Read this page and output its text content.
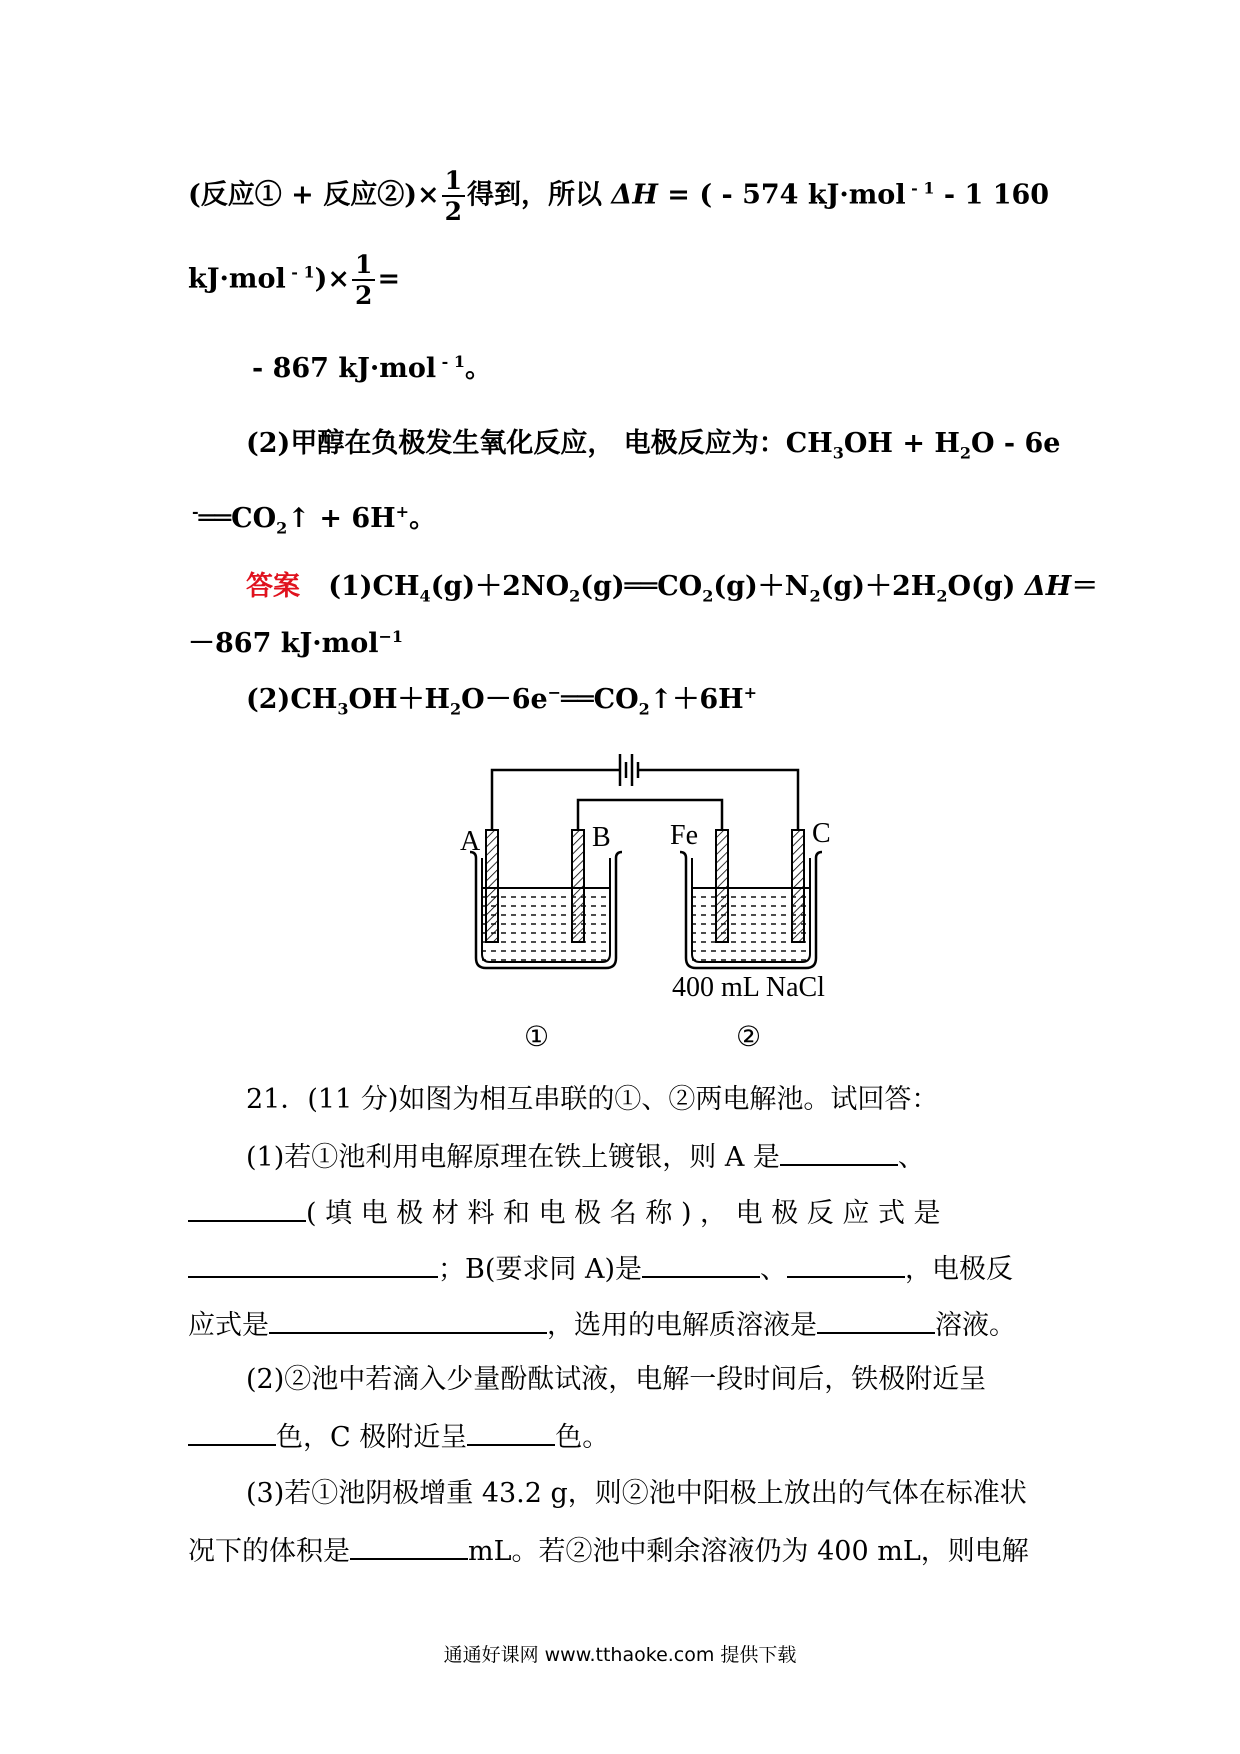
(反应① + 反应②)× $\frac{1}{2}$ 得到，所以 ΔH = ( - 574 kJ·mol $^{- 1}$ - 1 160
kJ·mol $^{- 1})\times \frac{1}{2}$ =
- 867 kJ·mol $^{- 1}$。
(2)甲醇在负极发生氧化反应， 电极反应为：$CH_3OH + H_2O - 6e$
$^-══CO_2↑ + 6H^+$。
答案 $(1)CH_4(g)+2NO_2(g)══CO_2(g)+N_2(g)+2H_2O(g)$ ΔH＝
－867 kJ·mol$^{-1}$
$(2)CH_3OH+H_2O-6e^-══CO_2↑+6H^+$
A	B Fe	C
400 mL NaCl
①	②
21．(11 分)如图为相互串联的①、②两电解池。试回答：
(1)若①池利用电解原理在铁上镀银，则 A 是	、
( 填 电 极 材 料 和 电 极 名 称 ) ， 电 极 反 应 式 是
；B(要求同 A)是	、	，电极反
应式是	，选用的电解质溶液是	溶液。
(2)②池中若滴入少量酚酞试液，电解一段时间后，铁极附近呈
色，C 极附近呈	色。
(3)若①池阴极增重 43.2 g，则②池中阳极上放出的气体在标准状
况下的体积是	mL。若②池中剩余溶液仍为 400 mL，则电解
通通好课网 www.tthaoke.com 提供下载
